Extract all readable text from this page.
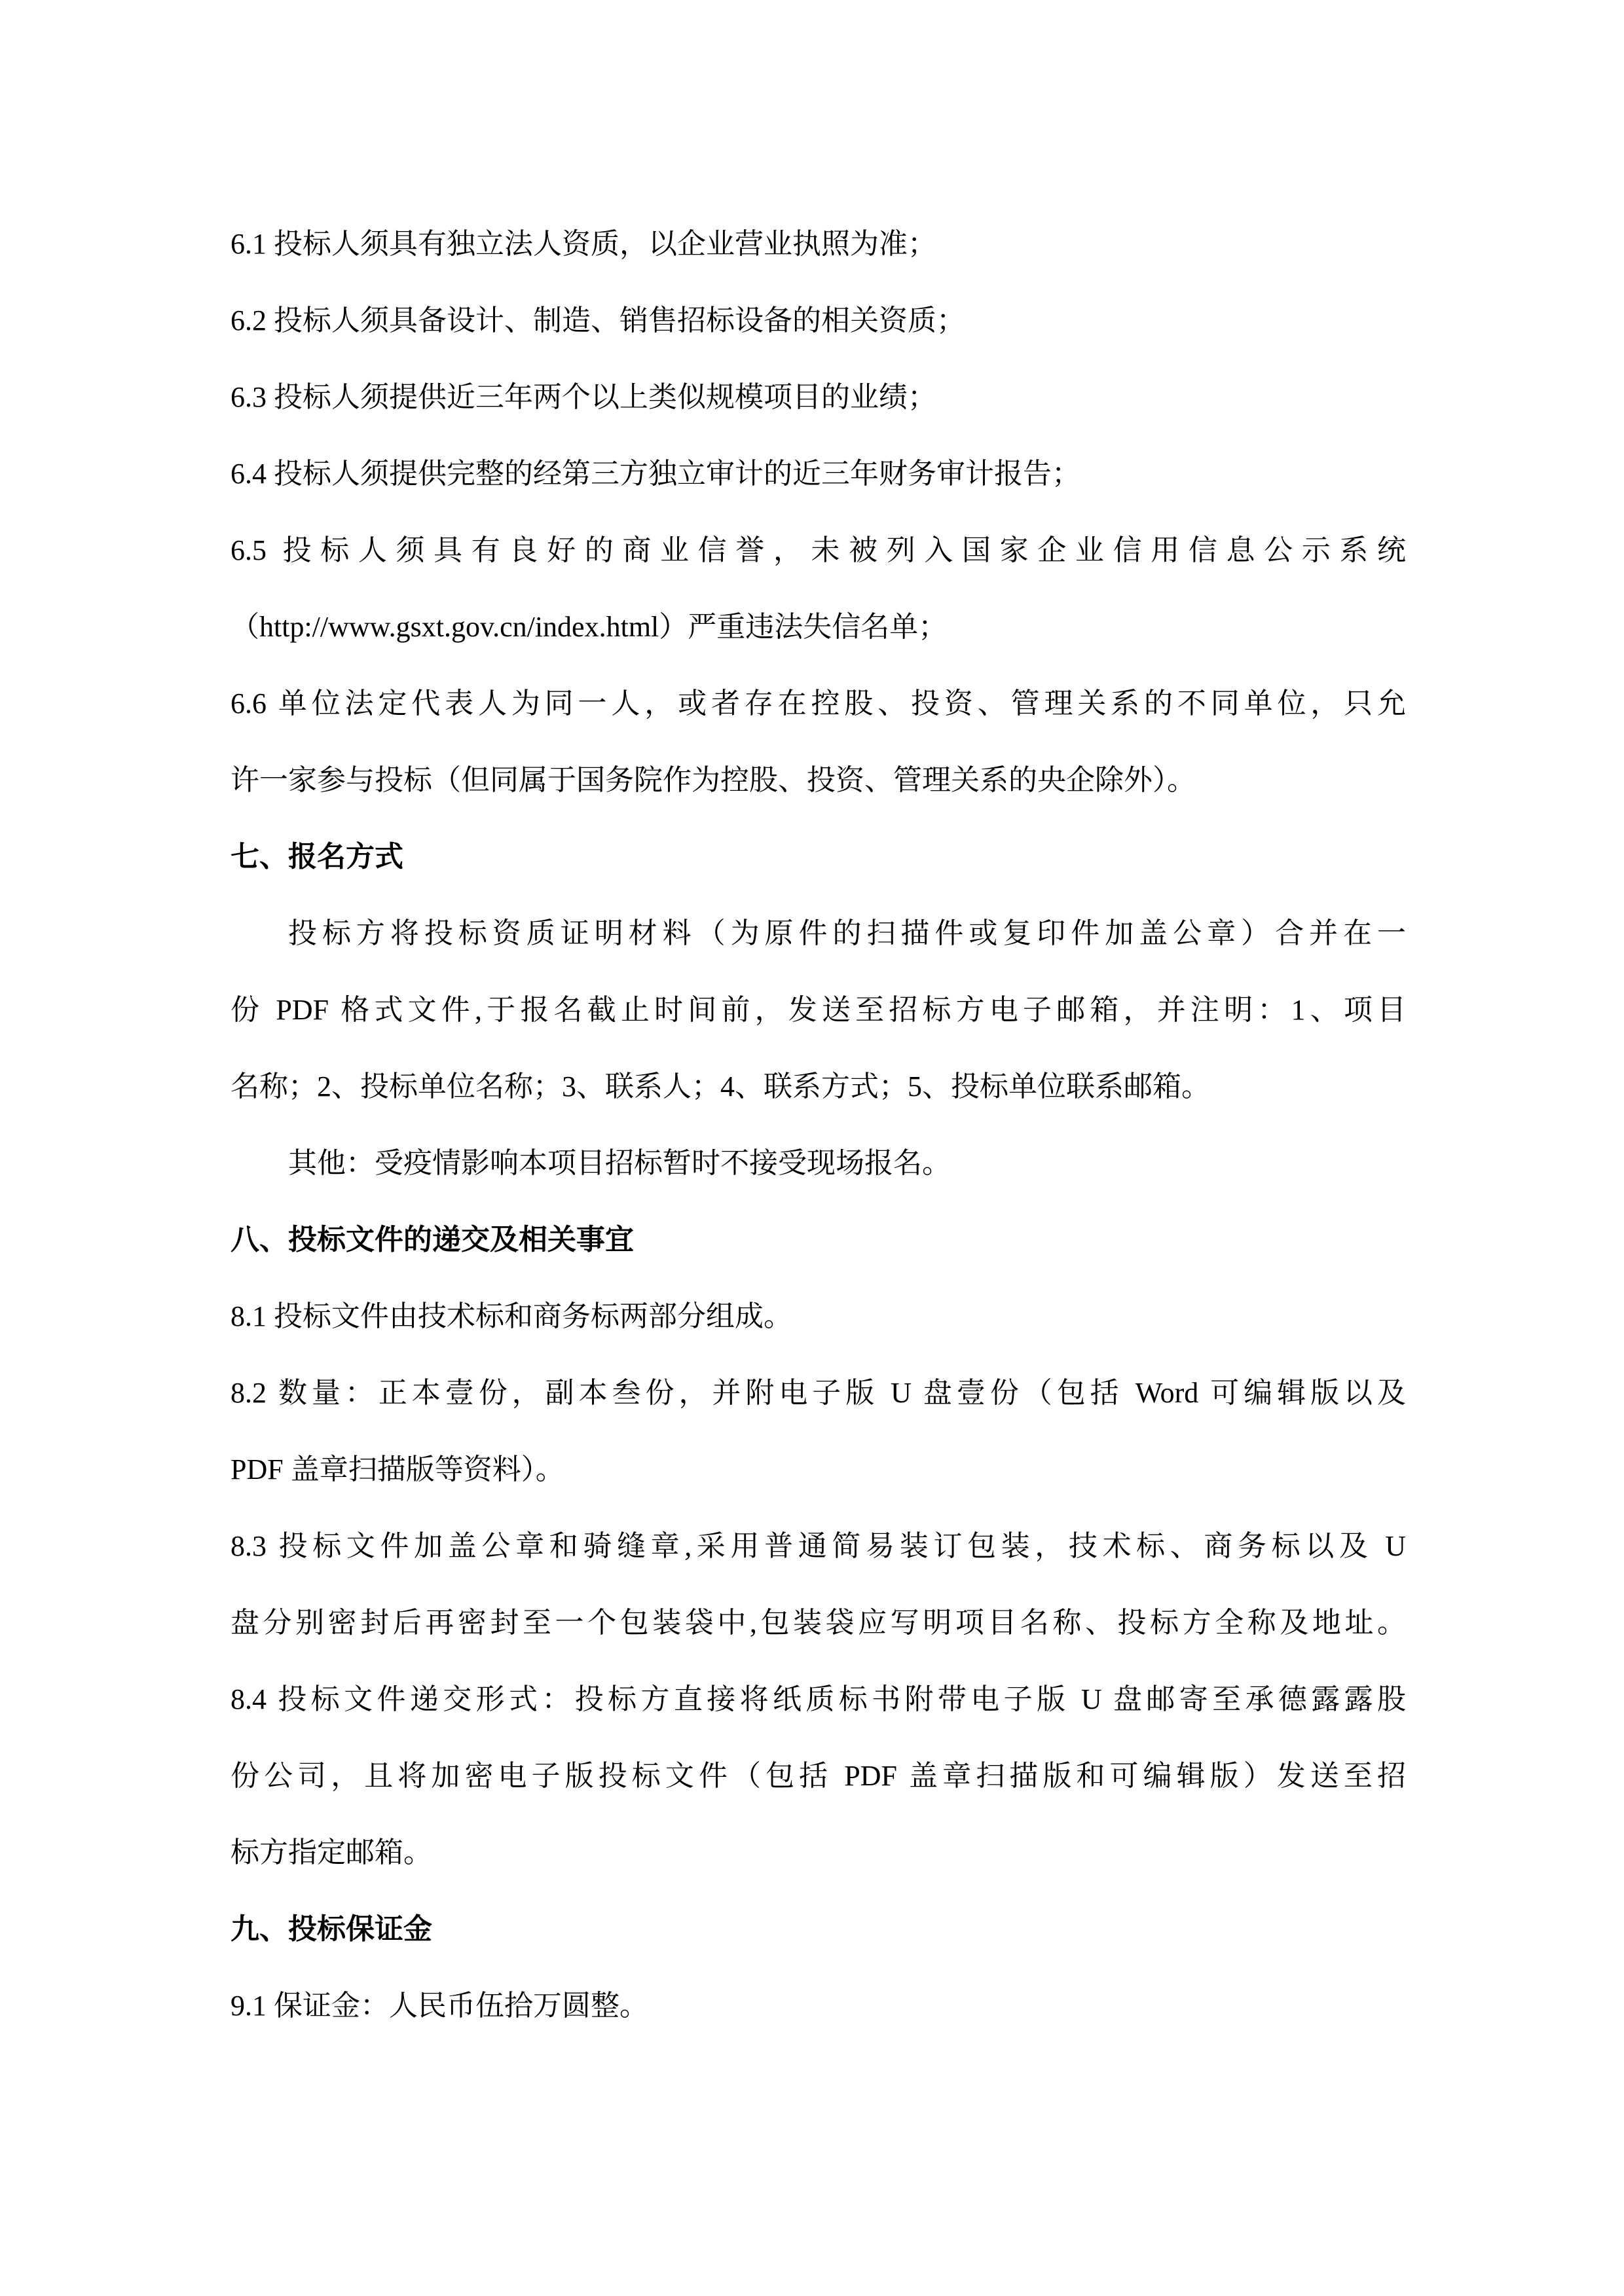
6.1 投标人须具有独立法人资质，以企业营业执照为准；
6.2 投标人须具备设计、制造、销售招标设备的相关资质；
6.3 投标人须提供近三年两个以上类似规模项目的业绩；
6.4 投标人须提供完整的经第三方独立审计的近三年财务审计报告；
6.5 投标人须具有良好的商业信誉，未被列入国家企业信用信息公示系统
（http://www.gsxt.gov.cn/index.html）严重违法失信名单；
6.6 单位法定代表人为同一人，或者存在控股、投资、管理关系的不同单位，只允
许一家参与投标（但同属于国务院作为控股、投资、管理关系的央企除外）。
七、报名方式
投标方将投标资质证明材料（为原件的扫描件或复印件加盖公章）合并在一
份 PDF 格式文件,于报名截止时间前，发送至招标方电子邮箱，并注明：1、项目
名称；2、投标单位名称；3、联系人；4、联系方式；5、投标单位联系邮箱。
其他：受疫情影响本项目招标暂时不接受现场报名。
八、投标文件的递交及相关事宜
8.1 投标文件由技术标和商务标两部分组成。
8.2 数量：正本壹份，副本叁份，并附电子版 U 盘壹份（包括 Word 可编辑版以及
PDF 盖章扫描版等资料）。
8.3 投标文件加盖公章和骑缝章,采用普通简易装订包装，技术标、商务标以及 U
盘分别密封后再密封至一个包装袋中,包装袋应写明项目名称、投标方全称及地址。
8.4 投标文件递交形式：投标方直接将纸质标书附带电子版 U 盘邮寄至承德露露股
份公司，且将加密电子版投标文件（包括 PDF 盖章扫描版和可编辑版）发送至招
标方指定邮箱。
九、投标保证金
9.1 保证金：人民币伍拾万圆整。
